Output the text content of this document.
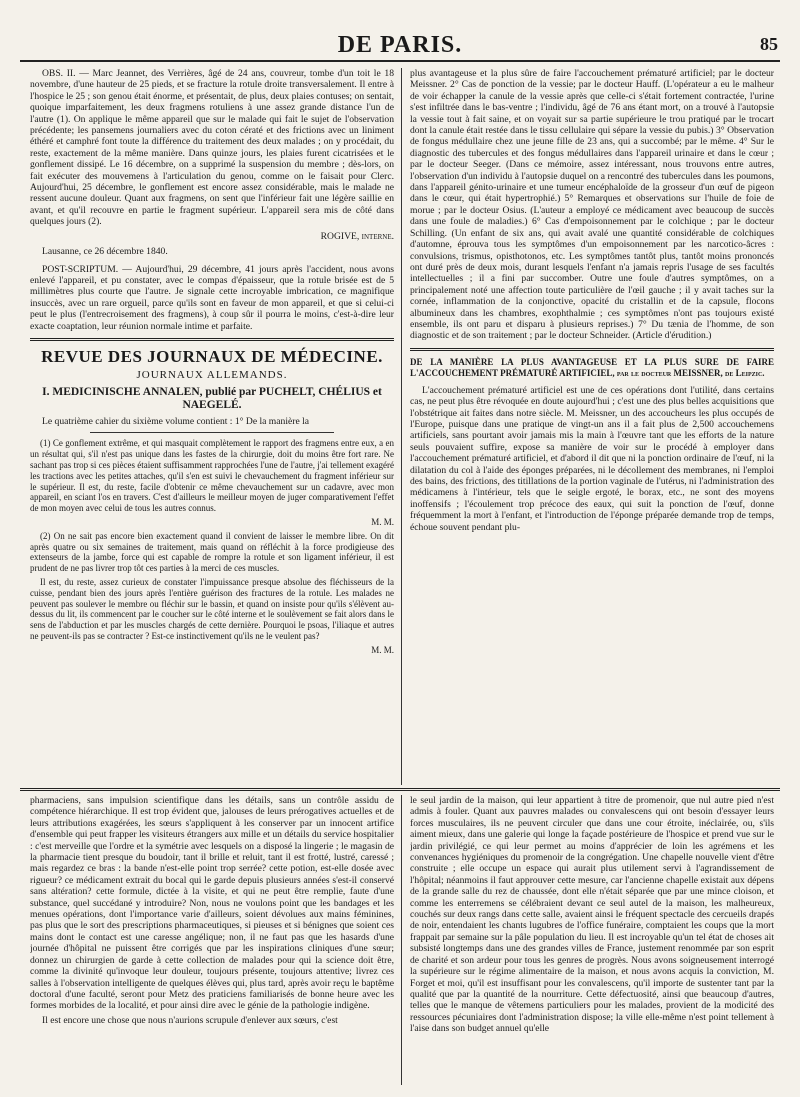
DE PARIS.	85

OBS. II. — Marc Jeannet, des Verrières, âgé de 24 ans, couvreur, tombe d'un toit le 18 novembre, d'une hauteur de 25 pieds, et se fracture la rotule droite transversalement. Il entre à l'hospice le 25 ; son genou était énorme, et présentait, de plus, deux plaies contuses; on sentait, quoique imparfaitement, les deux fragmens rotuliens à une assez grande distance l'un de l'autre (1). On applique le même appareil que sur le malade qui fait le sujet de l'observation précédente; les pansemens journaliers avec du coton cératé et des frictions avec un liniment éthéré et camphré font toute la différence du traitement des deux malades ; on y procédait, du reste, exactement de la même manière. Dans quinze jours, les plaies furent cicatrisées et le gonflement dissipé. Le 16 décembre, on a supprimé la suspension du membre ; dès-lors, on fait exécuter des mouvemens à l'articulation du genou, comme on le faisait pour Clerc. Aujourd'hui, 25 décembre, le gonflement est encore assez considérable, mais le malade ne ressent aucune douleur. Quant aux fragmens, on sent que l'inférieur fait une légère saillie en avant, et qu'il recouvre en partie le fragment supérieur. L'appareil sera mis de côté dans quelques jours (2).

ROGIVE, interne.
Lausanne, ce 26 décembre 1840.

POST-SCRIPTUM. — Aujourd'hui, 29 décembre, 41 jours après l'accident, nous avons enlevé l'appareil, et pu constater, avec le compas d'épaisseur, que la rotule brisée est de 5 millimètres plus courte que l'autre. Je signale cette incroyable imbrication, ce magnifique insuccès, avec un rare orgueil, parce qu'ils sont en faveur de mon appareil, et que si celui-ci peut le plus (l'entrecroisement des fragmens), à coup sûr il pourra le moins, c'est-à-dire leur exacte coaptation, leur réunion normale intime et parfaite.

REVUE DES JOURNAUX DE MÉDECINE.
JOURNAUX ALLEMANDS.
I. MEDICINISCHE ANNALEN, publié par PUCHELT, CHÉLIUS et NAEGELÉ.

Le quatrième cahier du sixième volume contient : 1° De la manière la

(1) Ce gonflement extrême, et qui masquait complètement le rapport des fragmens entre eux, a en un résultat qui, s'il n'est pas unique dans les fastes de la chirurgie, doit du moins être fort rare. Ne sachant pas trop si ces pièces étaient suffisamment rapprochées l'une de l'autre, j'ai tellement exagéré les tractions avec les petites attaches, qu'il s'en est suivi le chevauchement du fragment inférieur sur le supérieur. Il est, du reste, facile d'obtenir ce même chevauchement sur un cadavre, avec mon appareil, en sciant l'os en travers. C'est d'ailleurs le meilleur moyen de juger comparativement l'effet de mon moyen avec celui de tous les autres connus.

M. M.

(2) On ne sait pas encore bien exactement quand il convient de laisser le membre libre. On dit après quatre ou six semaines de traitement, mais quand on réfléchit à la force prodigieuse des extenseurs de la jambe, force qui est capable de rompre la rotule et son ligament inférieur, il est prudent de ne pas livrer trop tôt ces parties à la merci de ces muscles.

Il est, du reste, assez curieux de constater l'impuissance presque absolue des fléchisseurs de la cuisse, pendant bien des jours après l'entière guérison des fractures de la rotule. Les malades ne peuvent pas soulever le membre ou fléchir sur le bassin, et quand on insiste pour qu'ils s'élèvent au-dessus du lit, ils commencent par le coucher sur le côté interne et le soulèvement se fait alors dans le sens de l'abduction et par les muscles chargés de cette dernière. Pourquoi le psoas, l'iliaque et autres ne peuvent-ils pas se contracter ? Est-ce instinctivement qu'ils ne le veulent pas?

M. M.

plus avantageuse et la plus sûre de faire l'accouchement prématuré artificiel; par le docteur Meissner. 2° Cas de ponction de la vessie; par le docteur Hauff. (L'opérateur a eu le malheur de voir échapper la canule de la vessie après que celle-ci s'était fortement contractée, l'urine s'est infiltrée dans le bas-ventre ; l'individu, âgé de 76 ans étant mort, on a trouvé à l'autopsie la vessie tout à fait saine, et on voyait sur sa partie supérieure le trou pratiqué par le trocart dont la canule était restée dans le tissu cellulaire qui sépare la vessie du pubis.) 3° Observation de fongus médullaire chez une jeune fille de 23 ans, qui a succombé; par le même. 4° Sur le diagnostic des tubercules et des fongus médullaires dans l'appareil urinaire et dans le cœur ; par le docteur Seeger. (Dans ce mémoire, assez intéressant, nous trouvons entre autres, l'observation d'un individu à l'autopsie duquel on a rencontré des tubercules dans les poumons, dans l'appareil génito-urinaire et une tumeur encéphaloïde de la grosseur d'un œuf de pigeon dans le cœur, qui était hypertrophié.) 5° Remarques et observations sur l'huile de foie de morue ; par le docteur Osius. (L'auteur a employé ce médicament avec beaucoup de succès dans une foule de maladies.) 6° Cas d'empoisonnement par le colchique ; par le docteur Schilling. (Un enfant de six ans, qui avait avalé une quantité considérable de colchiques d'automne, éprouva tous les symptômes d'un empoisonnement par les narcotico-âcres : convulsions, trismus, opisthotonos, etc. Les symptômes tantôt plus, tantôt moins prononcés ont duré près de deux mois, durant lesquels l'enfant n'a jamais repris l'usage de ses facultés intellectuelles ; il a fini par succomber. Outre une foule d'autres symptômes, on a principalement noté une affection toute particulière de l'œil gauche ; il y avait taches sur la cornée, inflammation de la conjonctive, opacité du cristallin et de la capsule, flocons albumineux dans les chambres, exophthalmie ; ces symptômes n'ont pas toujours existé ensemble, ils ont paru et disparu à plusieurs reprises.) 7° Du tænia de l'homme, de son diagnostic et de son traitement ; par le docteur Schneider. (Article d'érudition.)

DE LA MANIÈRE LA PLUS AVANTAGEUSE ET LA PLUS SURE DE FAIRE L'ACCOUCHEMENT PRÉMATURÉ ARTIFICIEL, par le docteur MEISSNER, de Leipzic.

L'accouchement prématuré artificiel est une de ces opérations dont l'utilité, dans certains cas, ne peut plus être révoquée en doute aujourd'hui ; c'est une des plus belles acquisitions que l'obstétrique ait faites dans notre siècle. M. Meissner, un des accoucheurs les plus occupés de l'Europe, puisque dans une pratique de vingt-un ans il a fait plus de 2,500 accouchemens artificiels, sans pourtant avoir jamais mis la main à l'œuvre tant que les efforts de la nature seuls pouvaient suffire, expose sa manière de voir sur le procédé à employer dans l'accouchement prématuré artificiel, et d'abord il dit que ni la ponction ordinaire de l'œuf, ni la dilatation du col à l'aide des éponges préparées, ni le décollement des membranes, ni l'emploi des bains, des frictions, des titillations de la portion vaginale de l'utérus, ni l'administration des médicamens à l'intérieur, tels que le seigle ergoté, le borax, etc., ne sont des moyens inoffensifs ; l'écoulement trop précoce des eaux, qui suit la ponction de l'œuf, donne fréquemment la mort à l'enfant, et l'introduction de l'éponge préparée demande trop de temps, échoue souvent pendant plu-

pharmaciens, sans impulsion scientifique dans les détails, sans un contrôle assidu de compétence hiérarchique. Il est trop évident que, jalouses de leurs prérogatives actuelles et de leurs attributions exagérées, les sœurs s'appliquent à les conserver par un innocent artifice d'ensemble qui peut frapper les visiteurs étrangers aux mille et un détails du service hospitalier : c'est merveille que l'ordre et la symétrie avec lesquels on a disposé la lingerie ; le magasin de la pharmacie tient presque du boudoir, tant il brille et reluit, tant il est frotté, lustré, caressé ; mais regardez ce bras : la bande n'est-elle point trop serrée? cette potion, est-elle dosée avec rigueur? ce médicament extrait du bocal qui le garde depuis plusieurs années s'est-il conservé sans altération? cette formule, dictée à la visite, et qui ne peut être remplie, faute d'une substance, quel succédané y introduire? Non, nous ne voulons point que les bandages et les menues opérations, dont l'importance varie d'ailleurs, soient dévolues aux mains féminines, pas plus que le sort des prescriptions pharmaceutiques, si pieuses et si bénignes que soient ces mains dont le contact est une caresse angélique; non, il ne faut pas que les hasards d'une journée d'hôpital ne puissent être corrigés que par les inspirations cliniques d'une sœur; donnez un chirurgien de garde à cette collection de malades pour qui la science doit être, comme la divinité qu'invoque leur douleur, toujours présente, toujours attentive; livrez ces salles à l'observation intelligente de quelques élèves qui, plus tard, après avoir reçu le baptême doctoral d'une faculté, seront pour Metz des praticiens familiarisés de bonne heure avec les formes morbides de la localité, et pour ainsi dire avec le génie de la pathologie indigène.

Il est encore une chose que nous n'aurions scrupule d'enlever aux sœurs, c'est

le seul jardin de la maison, qui leur appartient à titre de promenoir, que nul autre pied n'est admis à fouler. Quant aux pauvres malades ou convalescens qui ont besoin d'essayer leurs forces musculaires, ils ne peuvent circuler que dans une cour étroite, inéclairée, ou, s'ils aiment mieux, dans une galerie qui longe la façade postérieure de l'hospice et prend vue sur le jardin privilégié, ce qui leur permet au moins d'apprécier de loin les agrémens et les convenances hygiéniques du promenoir de la congrégation. Une chapelle nouvelle vient d'être construite ; elle occupe un espace qui aurait plus utilement servi à l'agrandissement de l'hôpital; néanmoins il faut approuver cette mesure, car l'ancienne chapelle existait aux dépens de la grande salle du rez de chaussée, dont elle n'était séparée que par une mince cloison, et comme les enterremens se célébraient devant ce seul autel de la maison, les malheureux, couchés sur deux rangs dans cette salle, avaient ainsi le fréquent spectacle des cercueils drapés de noir, entendaient les chants lugubres de l'office funéraire, comptaient les coups que la mort frappait par semaine sur la pâle population du lieu. Il est incroyable qu'un tel état de choses ait subsisté longtemps dans une des grandes villes de France, justement renommée par son esprit de charité et son ardeur pour tous les genres de progrès. Nous avons soigneusement interrogé la supérieure sur le régime alimentaire de la maison, et nous avons acquis la conviction, M. Forget et moi, qu'il est insuffisant pour les convalescens, qu'il importe de sustenter tant par la qualité que par la quantité de la nourriture. Cette défectuosité, ainsi que beaucoup d'autres, telles que le manque de vêtemens particuliers pour les malades, provient de la modicité des ressources pécuniaires dont l'administration dispose; la ville elle-même n'est point tellement à l'aise dans son budget annuel qu'elle
